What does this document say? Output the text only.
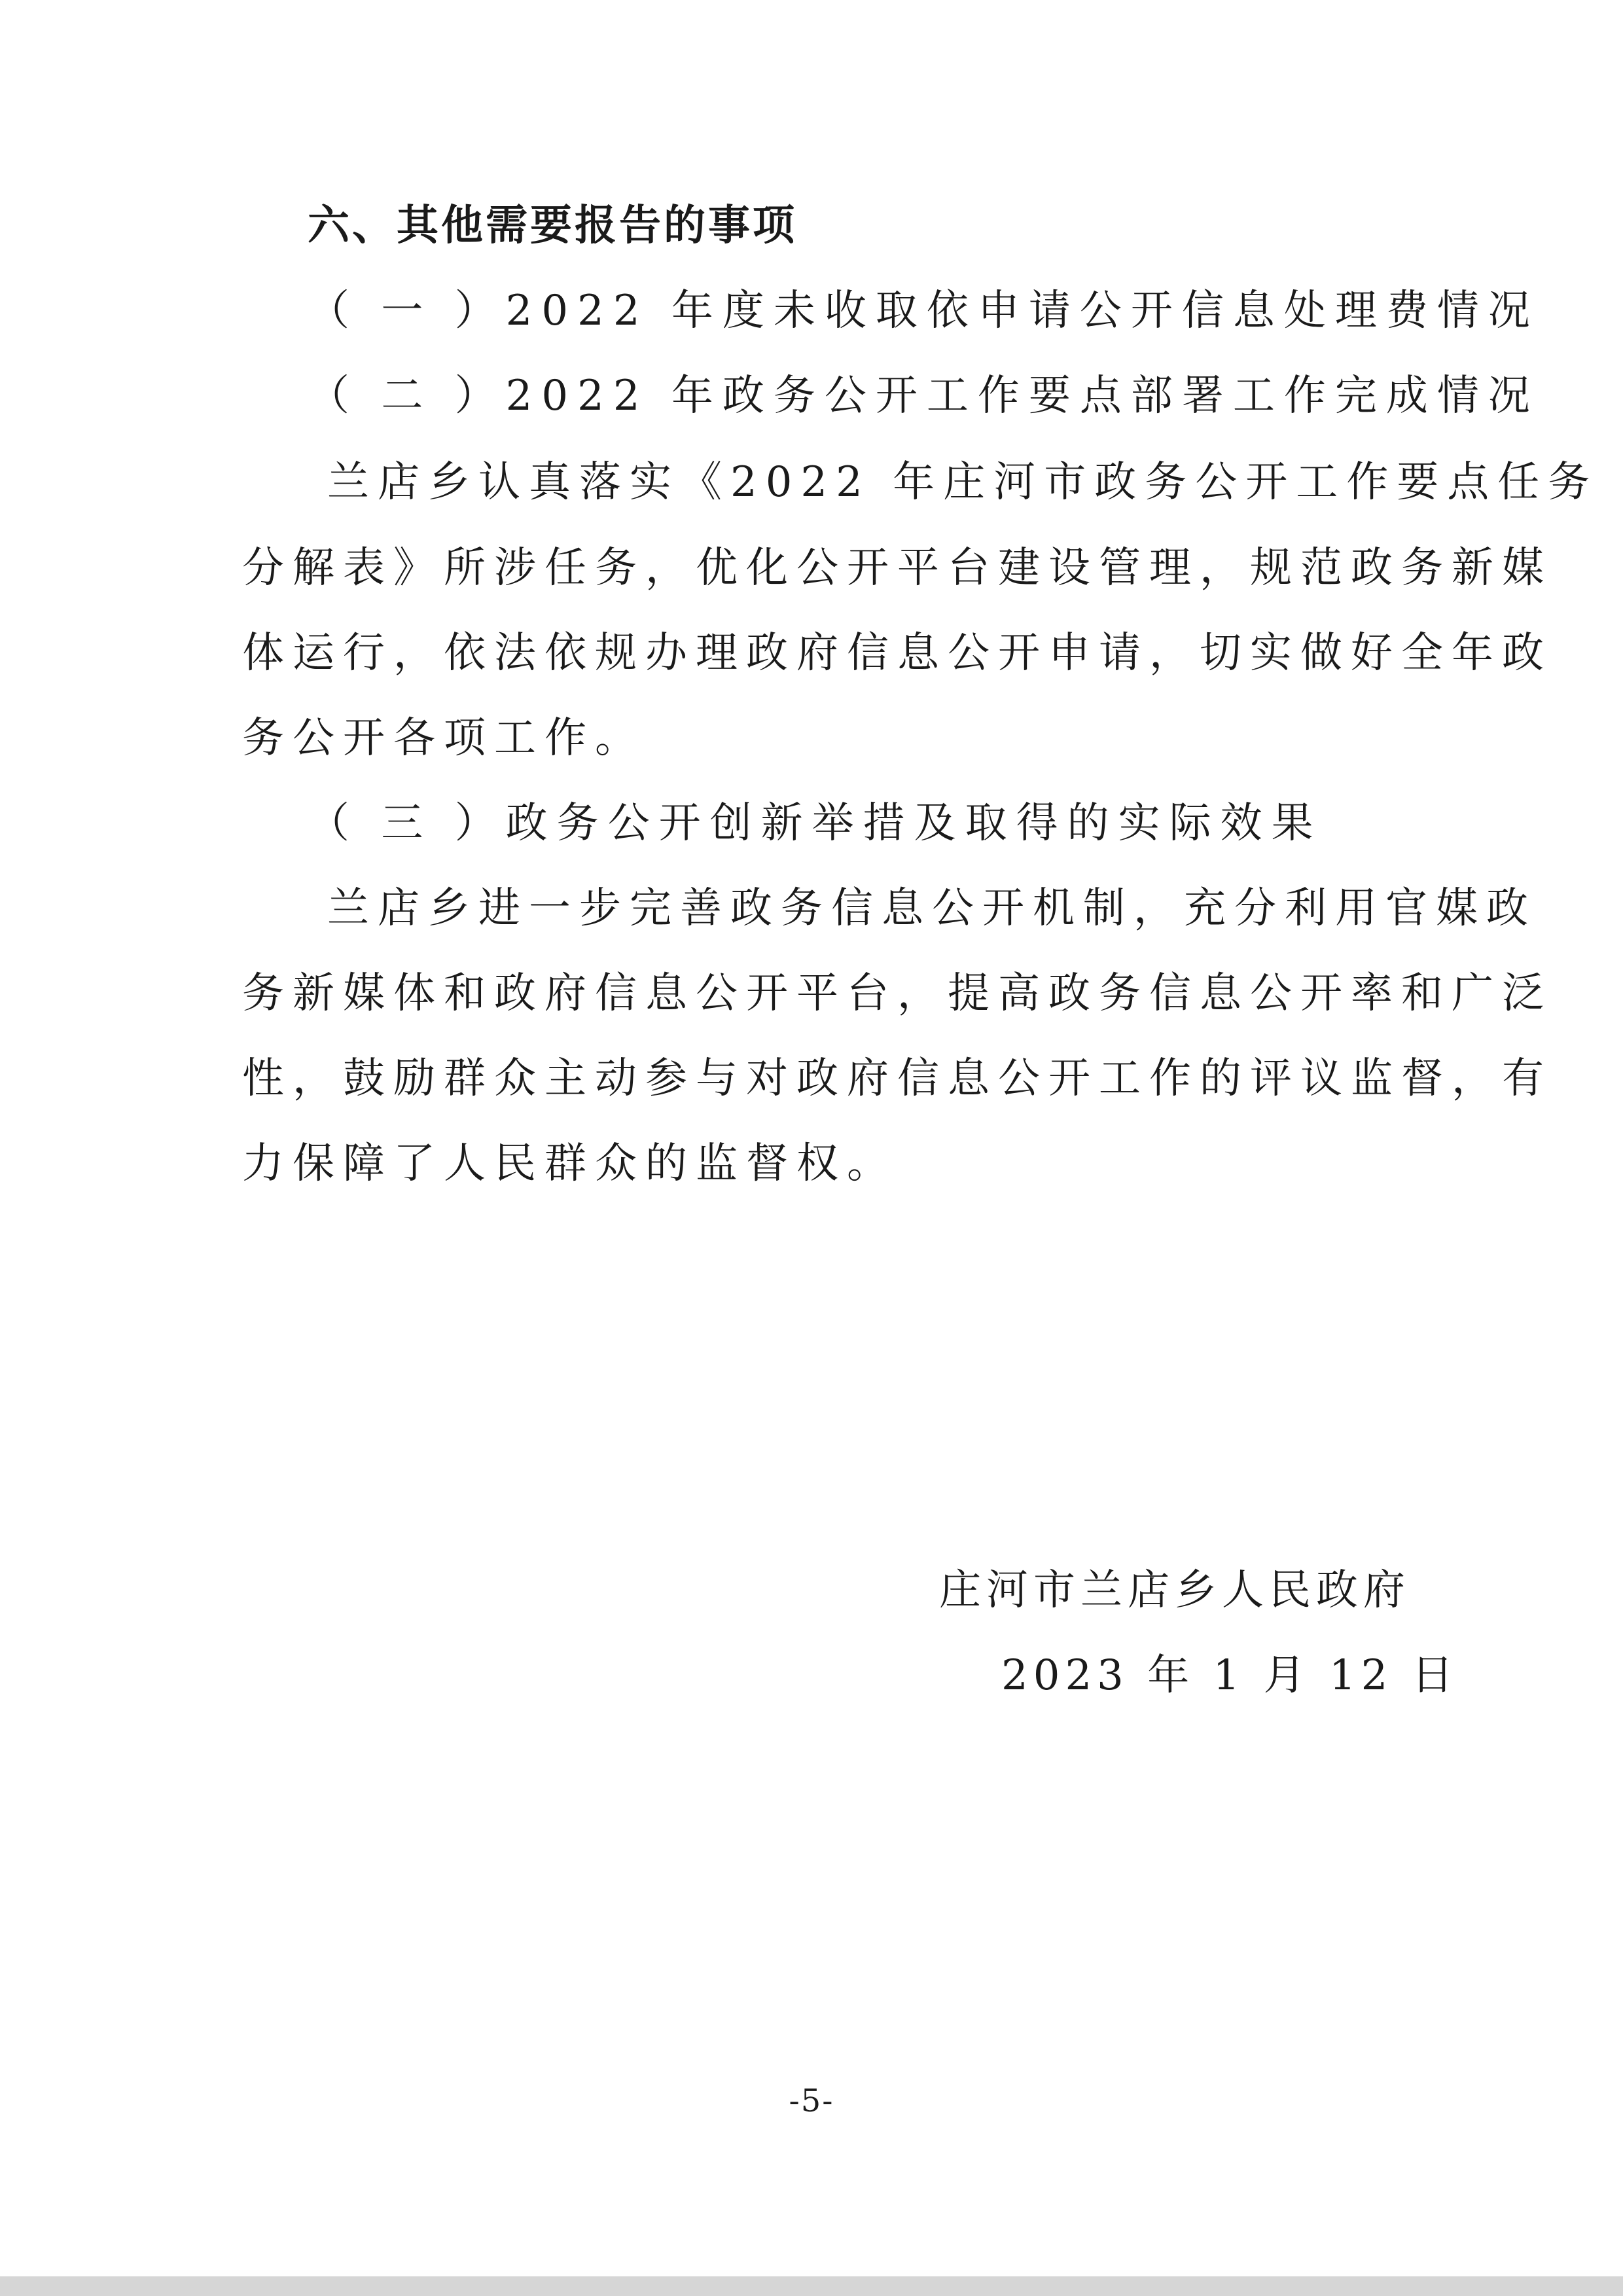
六、其他需要报告的事项
（ 一 ）2022 年度未收取依申请公开信息处理费情况
（ 二 ）2022 年政务公开工作要点部署工作完成情况
兰店乡认真落实《2022 年庄河市政务公开工作要点任务
分解表》所涉任务，优化公开平台建设管理，规范政务新媒
体运行，依法依规办理政府信息公开申请，切实做好全年政
务公开各项工作。
（ 三 ）政务公开创新举措及取得的实际效果
兰店乡进一步完善政务信息公开机制，充分利用官媒政
务新媒体和政府信息公开平台，提高政务信息公开率和广泛
性，鼓励群众主动参与对政府信息公开工作的评议监督，有
力保障了人民群众的监督权。
庄河市兰店乡人民政府
2023 年 1 月 12 日
-5-
